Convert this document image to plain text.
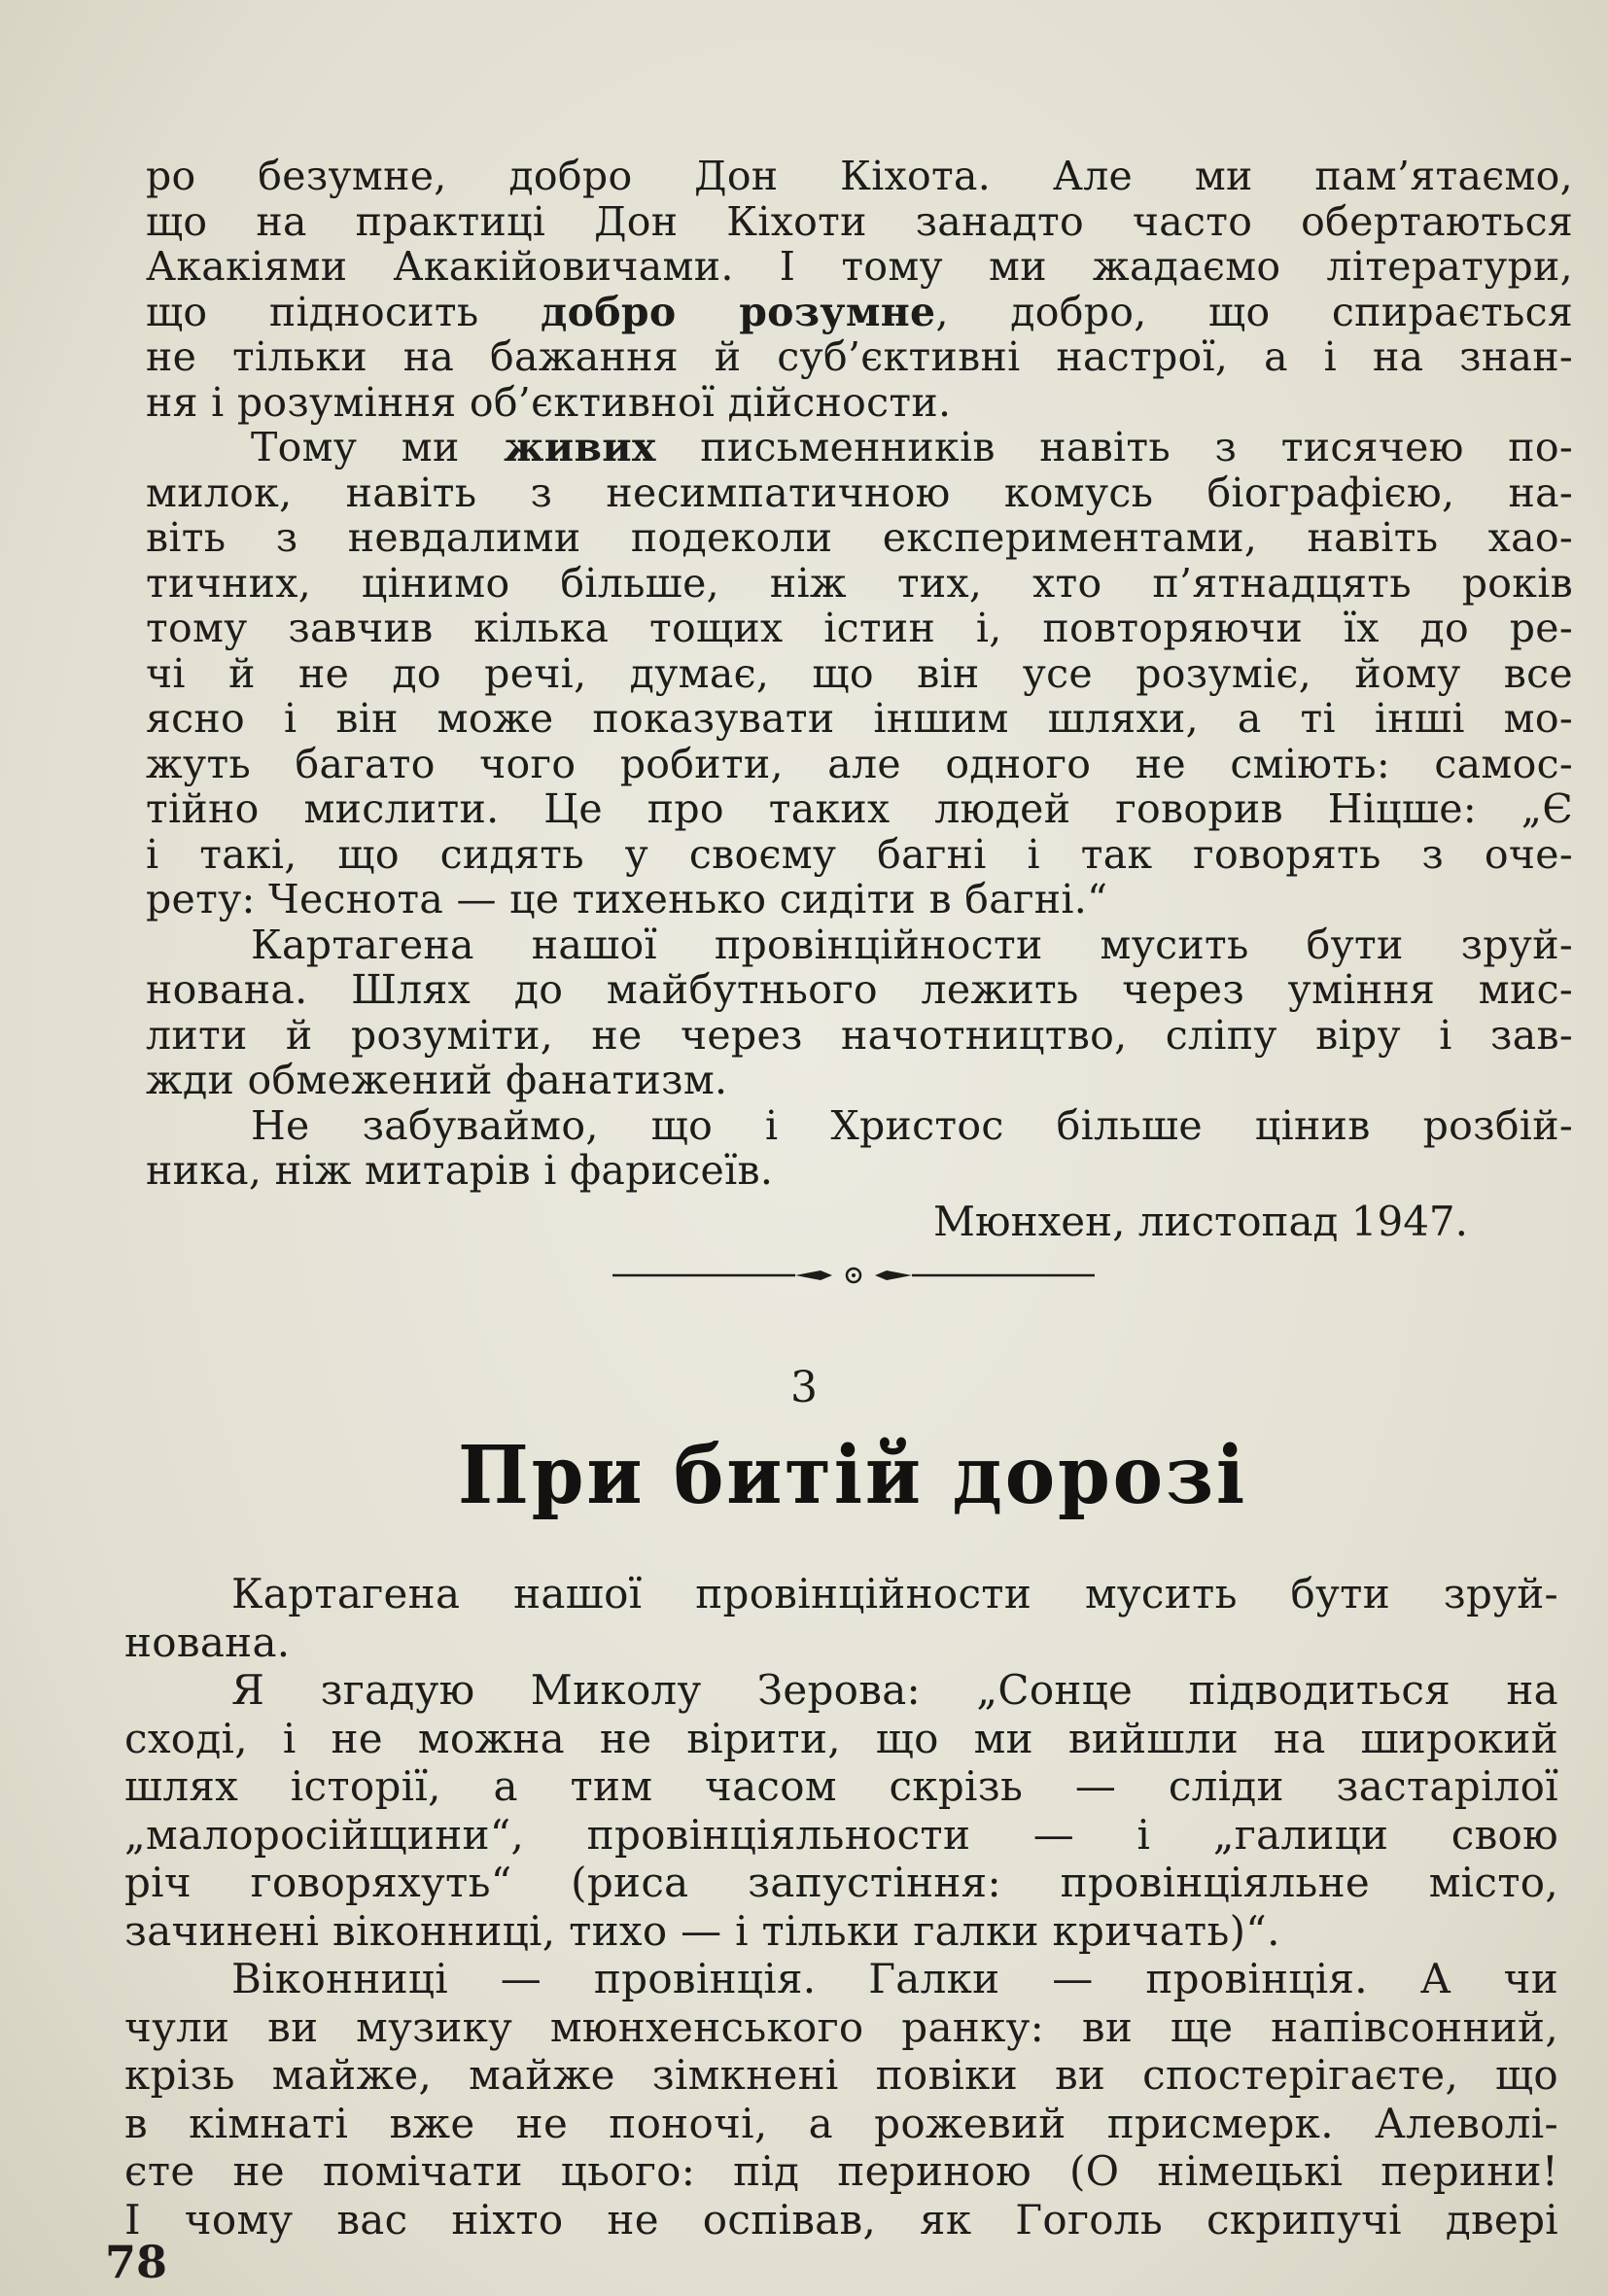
ро безумне, добро Дон Кіхота. Але ми пам’ятаємо,
що на практиці Дон Кіхоти занадто часто обертаються
Акакіями Акакійовичами. І тому ми жадаємо літератури,
що підносить добро розумне, добро, що спирається
не тільки на бажання й суб’єктивні настрої, а і на знан-
ня і розуміння об’єктивної дійсности.
Тому ми живих письменників навіть з тисячею по-
милок, навіть з несимпатичною комусь біографією, на-
віть з невдалими подеколи експериментами, навіть хао-
тичних, цінимо більше, ніж тих, хто п’ятнадцять років
тому завчив кілька тощих істин і, повторяючи їх до ре-
чі й не до речі, думає, що він усе розуміє, йому все
ясно і він може показувати іншим шляхи, а ті інші мо-
жуть багато чого робити, але одного не сміють: самос-
тійно мислити. Це про таких людей говорив Ніцше: „Є
і такі, що сидять у своєму багні і так говорять з оче-
рету: Чеснота — це тихенько сидіти в багні.“
Картагена нашої провінційности мусить бути зруй-
нована. Шлях до майбутнього лежить через уміння мис-
лити й розуміти, не через начотництво, сліпу віру і зав-
жди обмежений фанатизм.
Не забуваймо, що і Христос більше цінив розбій-
ника, ніж митарів і фарисеїв.
Мюнхен, листопад 1947.
3
При битій дорозі
Картагена нашої провінційности мусить бути зруй-
нована.
Я згадую Миколу Зерова: „Сонце підводиться на
сході, і не можна не вірити, що ми вийшли на широкий
шлях історії, а тим часом скрізь — сліди застарілої
„малоросійщини“, провінціяльности — і „галици свою
річ говоряхуть“ (риса запустіння: провінціяльне місто,
зачинені віконниці, тихо — і тільки галки кричать)“.
Віконниці — провінція. Галки — провінція. А чи
чули ви музику мюнхенського ранку: ви ще напівсонний,
крізь майже, майже зімкнені повіки ви спостерігаєте, що
в кімнаті вже не поночі, а рожевий присмерк. Алеволі-
єте не помічати цього: під периною (О німецькі перини!
І чому вас ніхто не оспівав, як Гоголь скрипучі двері
78
